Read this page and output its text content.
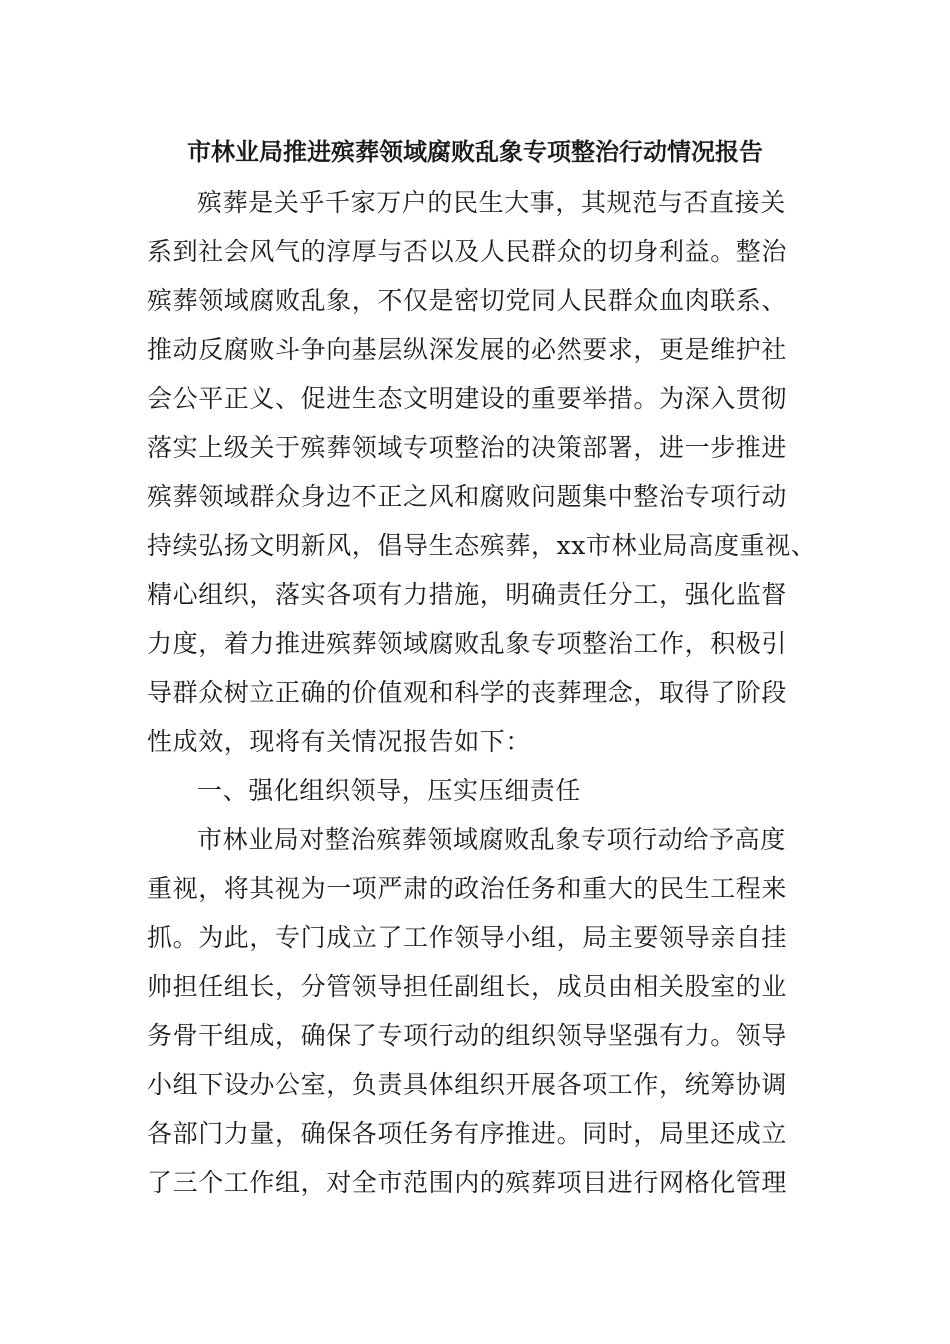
市林业局推进殡葬领域腐败乱象专项整治行动情况报告
殡葬是关乎千家万户的民生大事，其规范与否直接关
系到社会风气的淳厚与否以及人民群众的切身利益。整治
殡葬领域腐败乱象，不仅是密切党同人民群众血肉联系、
推动反腐败斗争向基层纵深发展的必然要求，更是维护社
会公平正义、促进生态文明建设的重要举措。为深入贯彻
落实上级关于殡葬领域专项整治的决策部署，进一步推进
殡葬领域群众身边不正之风和腐败问题集中整治专项行动
持续弘扬文明新风，倡导生态殡葬，xx市林业局高度重视、
精心组织，落实各项有力措施，明确责任分工，强化监督
力度，着力推进殡葬领域腐败乱象专项整治工作，积极引
导群众树立正确的价值观和科学的丧葬理念，取得了阶段
性成效，现将有关情况报告如下：
一、强化组织领导，压实压细责任
市林业局对整治殡葬领域腐败乱象专项行动给予高度
重视，将其视为一项严肃的政治任务和重大的民生工程来
抓。为此，专门成立了工作领导小组，局主要领导亲自挂
帅担任组长，分管领导担任副组长，成员由相关股室的业
务骨干组成，确保了专项行动的组织领导坚强有力。领导
小组下设办公室，负责具体组织开展各项工作，统筹协调
各部门力量，确保各项任务有序推进。同时，局里还成立
了三个工作组，对全市范围内的殡葬项目进行网格化管理
